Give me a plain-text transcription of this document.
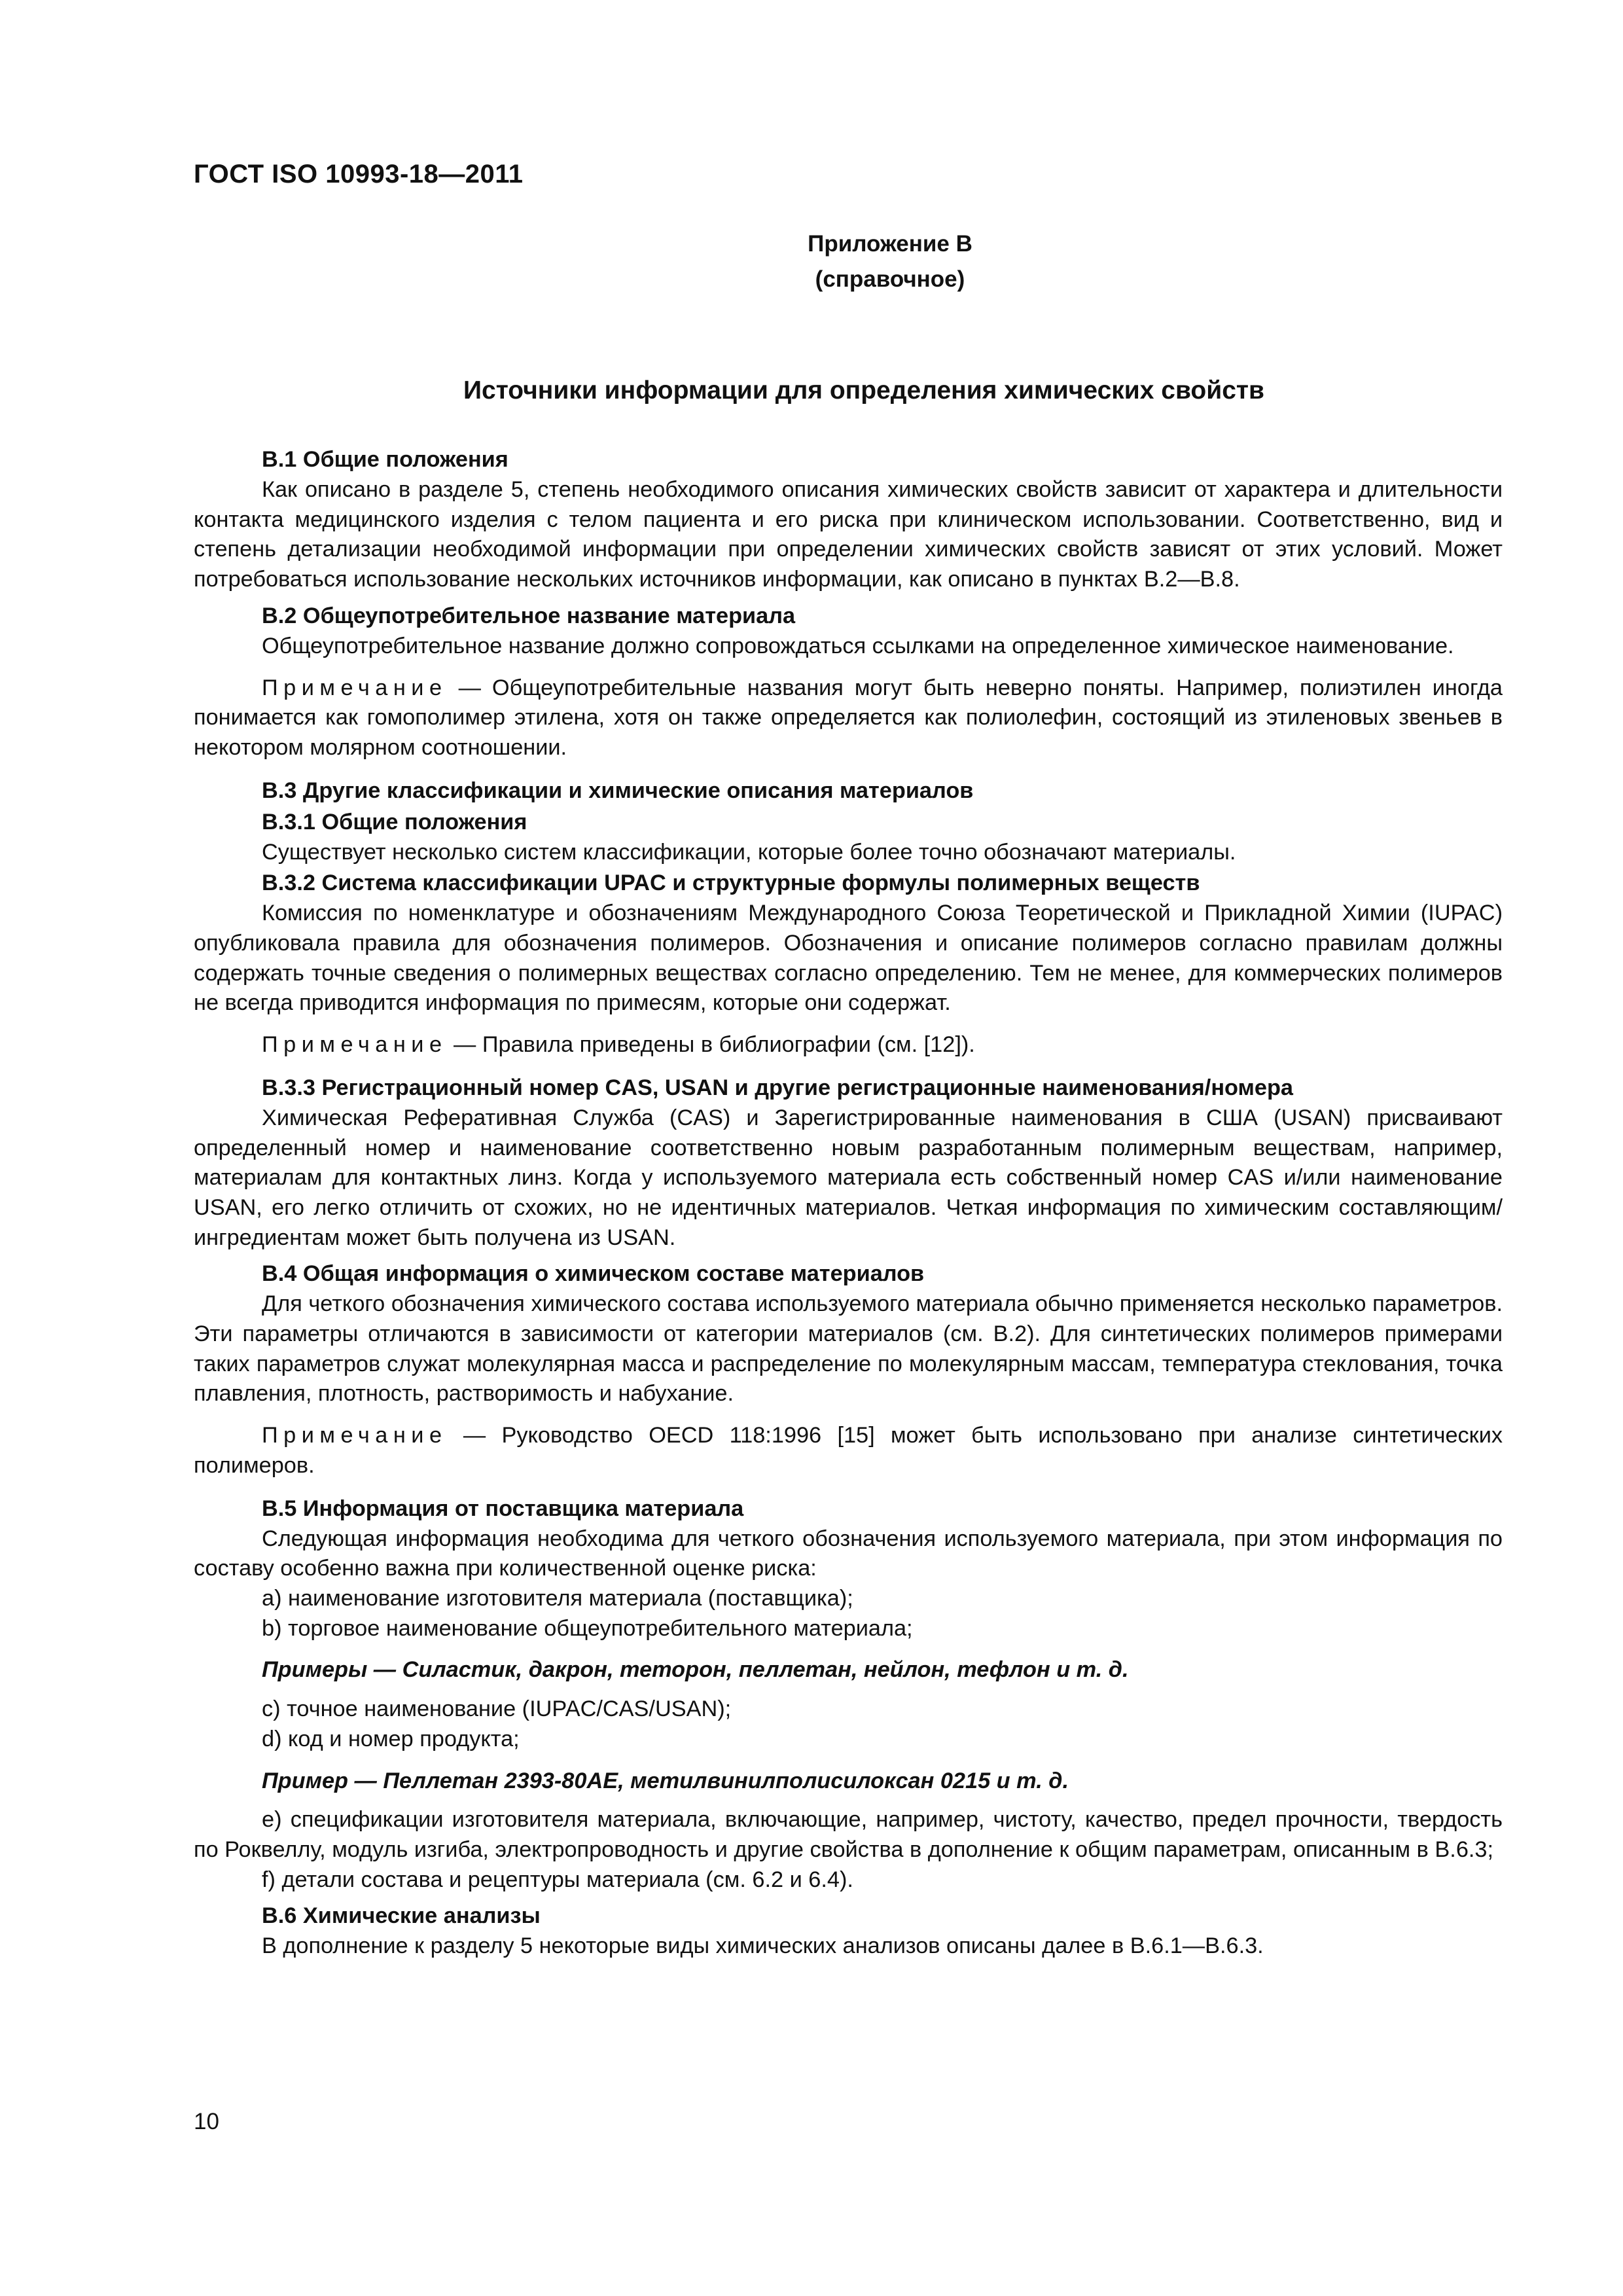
ГОСТ ISO 10993-18—2011
Приложение В
(справочное)
Источники информации для определения химических свойств
В.1 Общие положения

Как описано в разделе 5, степень необходимого описания химических свойств зависит от характера и длительности контакта медицинского изделия с телом пациента и его риска при клиническом использовании. Соответственно, вид и степень детализации необходимой информации при определении химических свойств зависят от этих условий. Может потребоваться использование нескольких источников информации, как описано в пунктах В.2—В.8.

В.2 Общеупотребительное название материала

Общеупотребительное название должно сопровождаться ссылками на определенное химическое наименование.

Примечание — Общеупотребительные названия могут быть неверно поняты. Например, полиэтилен иногда понимается как гомополимер этилена, хотя он также определяется как полиолефин, состоящий из этиленовых звеньев в некотором молярном соотношении.

В.3 Другие классификации и химические описания материалов
В.3.1 Общие положения

Существует несколько систем классификации, которые более точно обозначают материалы.

В.3.2 Система классификации UPAC и структурные формулы полимерных веществ

Комиссия по номенклатуре и обозначениям Международного Союза Теоретической и Прикладной Химии (IUPAC) опубликовала правила для обозначения полимеров. Обозначения и описание полимеров согласно правилам должны содержать точные сведения о полимерных веществах согласно определению. Тем не менее, для коммерческих полимеров не всегда приводится информация по примесям, которые они содержат.

Примечание — Правила приведены в библиографии (см. [12]).

В.3.3 Регистрационный номер CAS, USAN и другие регистрационные наименования/номера

Химическая Реферативная Служба (CAS) и Зарегистрированные наименования в США (USAN) присваивают определенный номер и наименование соответственно новым разработанным полимерным веществам, например, материалам для контактных линз. Когда у используемого материала есть собственный номер CAS и/или наименование USAN, его легко отличить от схожих, но не идентичных материалов. Четкая информация по химическим составляющим/ингредиентам может быть получена из USAN.

В.4 Общая информация о химическом составе материалов

Для четкого обозначения химического состава используемого материала обычно применяется несколько параметров. Эти параметры отличаются в зависимости от категории материалов (см. В.2). Для синтетических полимеров примерами таких параметров служат молекулярная масса и распределение по молекулярным массам, температура стеклования, точка плавления, плотность, растворимость и набухание.

Примечание — Руководство OECD 118:1996 [15] может быть использовано при анализе синтетических полимеров.

В.5 Информация от поставщика материала

Следующая информация необходима для четкого обозначения используемого материала, при этом информация по составу особенно важна при количественной оценке риска:

а) наименование изготовителя материала (поставщика);

b) торговое наименование общеупотребительного материала;

Примеры — Силастик, дакрон, теторон, пеллетан, нейлон, тефлон и т. д.

c) точное наименование (IUPAC/CAS/USAN);

d) код и номер продукта;

Пример — Пеллетан 2393-80АЕ, метилвинилполисилоксан 0215 и т. д.

е) спецификации изготовителя материала, включающие, например, чистоту, качество, предел прочности, твердость по Роквеллу, модуль изгиба, электропроводность и другие свойства в дополнение к общим параметрам, описанным в В.6.3;

f) детали состава и рецептуры материала (см. 6.2 и 6.4).

В.6 Химические анализы

В дополнение к разделу 5 некоторые виды химических анализов описаны далее в В.6.1—В.6.3.

10
